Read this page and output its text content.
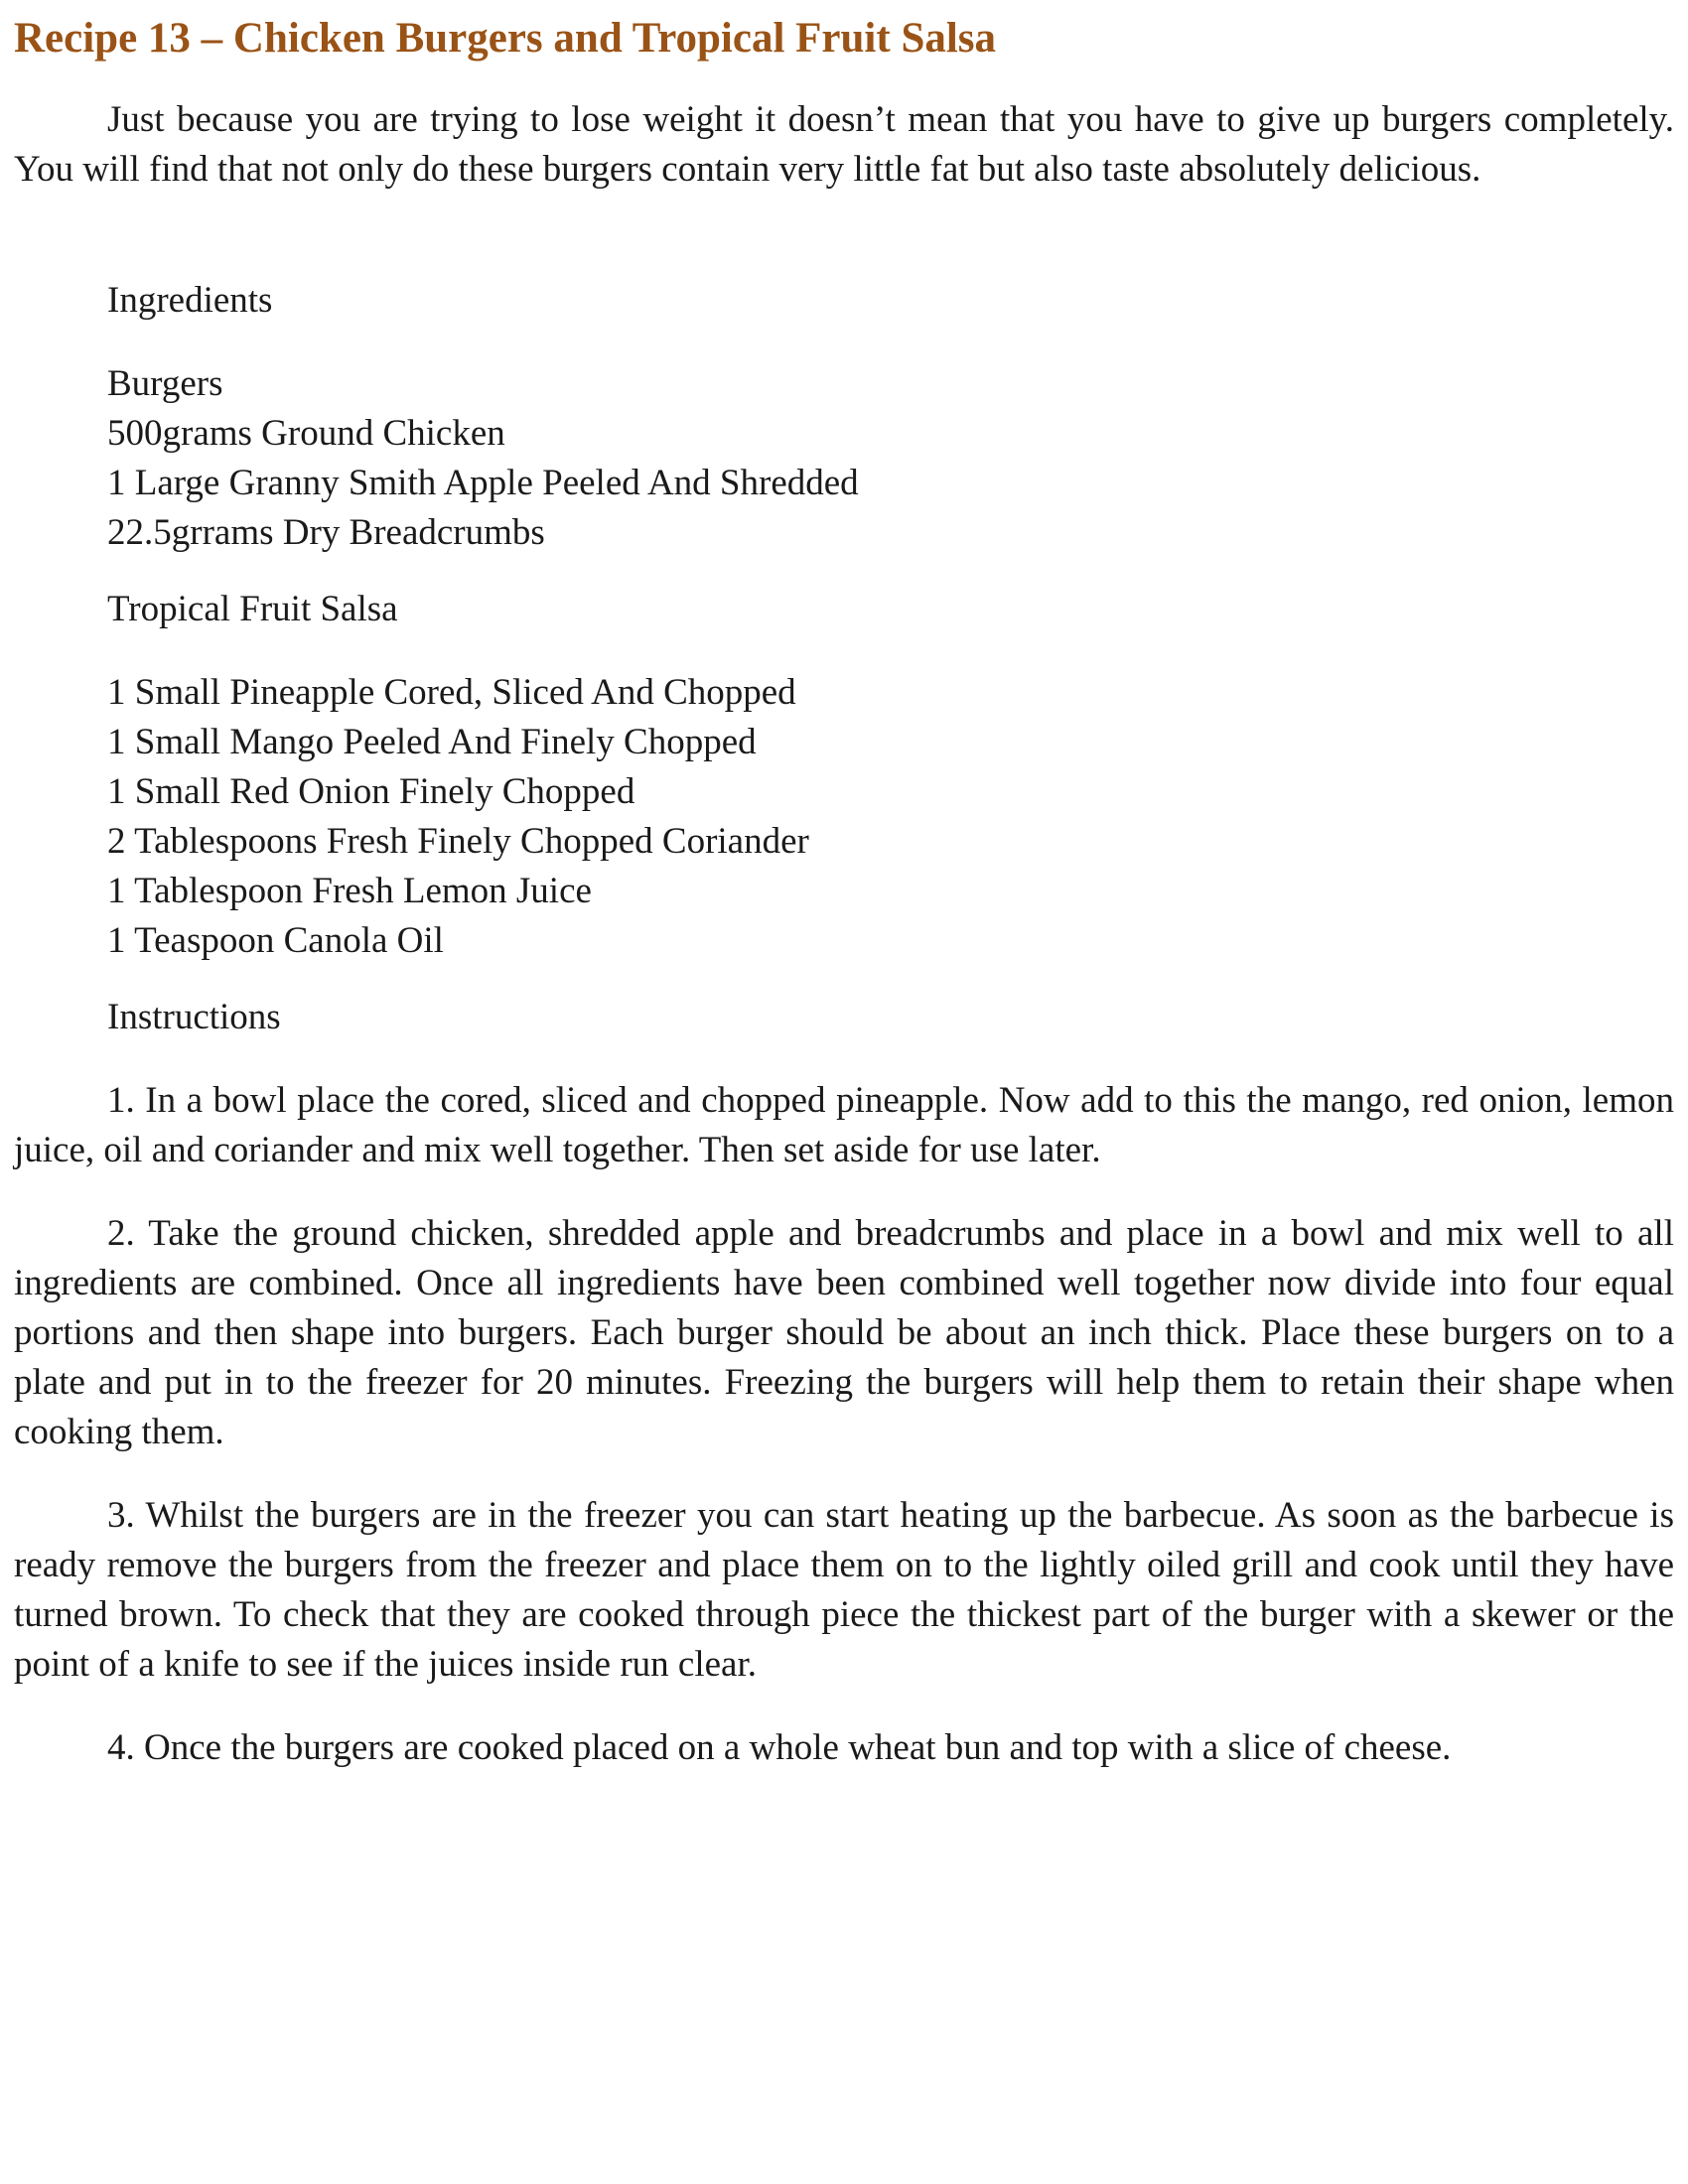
Recipe 13 – Chicken Burgers and Tropical Fruit Salsa

Just because you are trying to lose weight it doesn’t mean that you have to give up burgers completely. You will find that not only do these burgers contain very little fat but also taste absolutely delicious.

Ingredients

Burgers
500grams Ground Chicken
1 Large Granny Smith Apple Peeled And Shredded
22.5grrams Dry Breadcrumbs

Tropical Fruit Salsa

1 Small Pineapple Cored, Sliced And Chopped
1 Small Mango Peeled And Finely Chopped
1 Small Red Onion Finely Chopped
2 Tablespoons Fresh Finely Chopped Coriander
1 Tablespoon Fresh Lemon Juice
1 Teaspoon Canola Oil

Instructions

1. In a bowl place the cored, sliced and chopped pineapple. Now add to this the mango, red onion, lemon juice, oil and coriander and mix well together. Then set aside for use later.

2. Take the ground chicken, shredded apple and breadcrumbs and place in a bowl and mix well to all ingredients are combined. Once all ingredients have been combined well together now divide into four equal portions and then shape into burgers. Each burger should be about an inch thick. Place these burgers on to a plate and put in to the freezer for 20 minutes. Freezing the burgers will help them to retain their shape when cooking them.

3. Whilst the burgers are in the freezer you can start heating up the barbecue. As soon as the barbecue is ready remove the burgers from the freezer and place them on to the lightly oiled grill and cook until they have turned brown. To check that they are cooked through piece the thickest part of the burger with a skewer or the point of a knife to see if the juices inside run clear.

4. Once the burgers are cooked placed on a whole wheat bun and top with a slice of cheese.
